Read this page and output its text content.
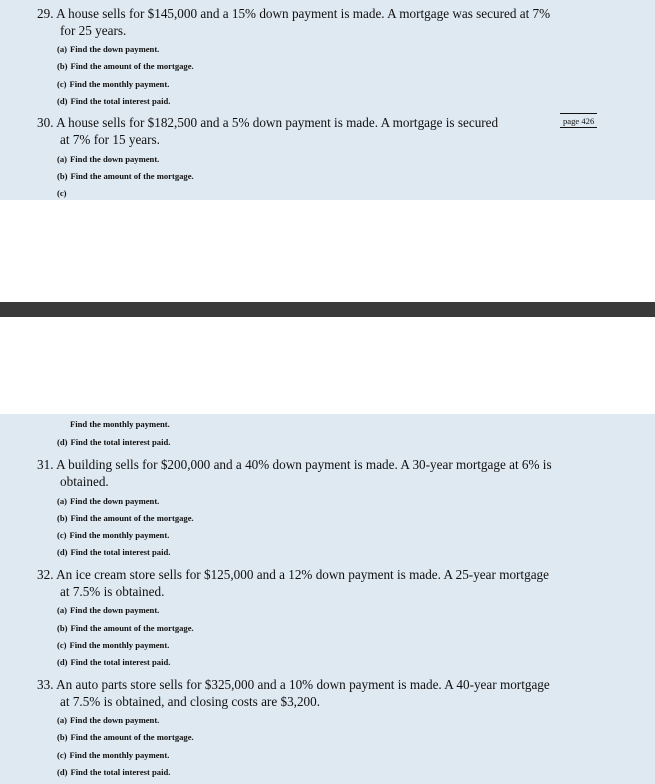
29. A house sells for $145,000 and a 15% down payment is made. A mortgage was secured at 7%
for 25 years.
(a) Find the down payment.
(b) Find the amount of the mortgage.
(c) Find the monthly payment.
(d) Find the total interest paid.
30. A house sells for $182,500 and a 5% down payment is made. A mortgage is secured
at 7% for 15 years.
page 426
(a) Find the down payment.
(b) Find the amount of the mortgage.
(c)
Find the monthly payment.
(d) Find the total interest paid.
31. A building sells for $200,000 and a 40% down payment is made. A 30-year mortgage at 6% is
obtained.
(a) Find the down payment.
(b) Find the amount of the mortgage.
(c) Find the monthly payment.
(d) Find the total interest paid.
32. An ice cream store sells for $125,000 and a 12% down payment is made. A 25-year mortgage
at 7.5% is obtained.
(a) Find the down payment.
(b) Find the amount of the mortgage.
(c) Find the monthly payment.
(d) Find the total interest paid.
33. An auto parts store sells for $325,000 and a 10% down payment is made. A 40-year mortgage
at 7.5% is obtained, and closing costs are $3,200.
(a) Find the down payment.
(b) Find the amount of the mortgage.
(c) Find the monthly payment.
(d) Find the total interest paid.
